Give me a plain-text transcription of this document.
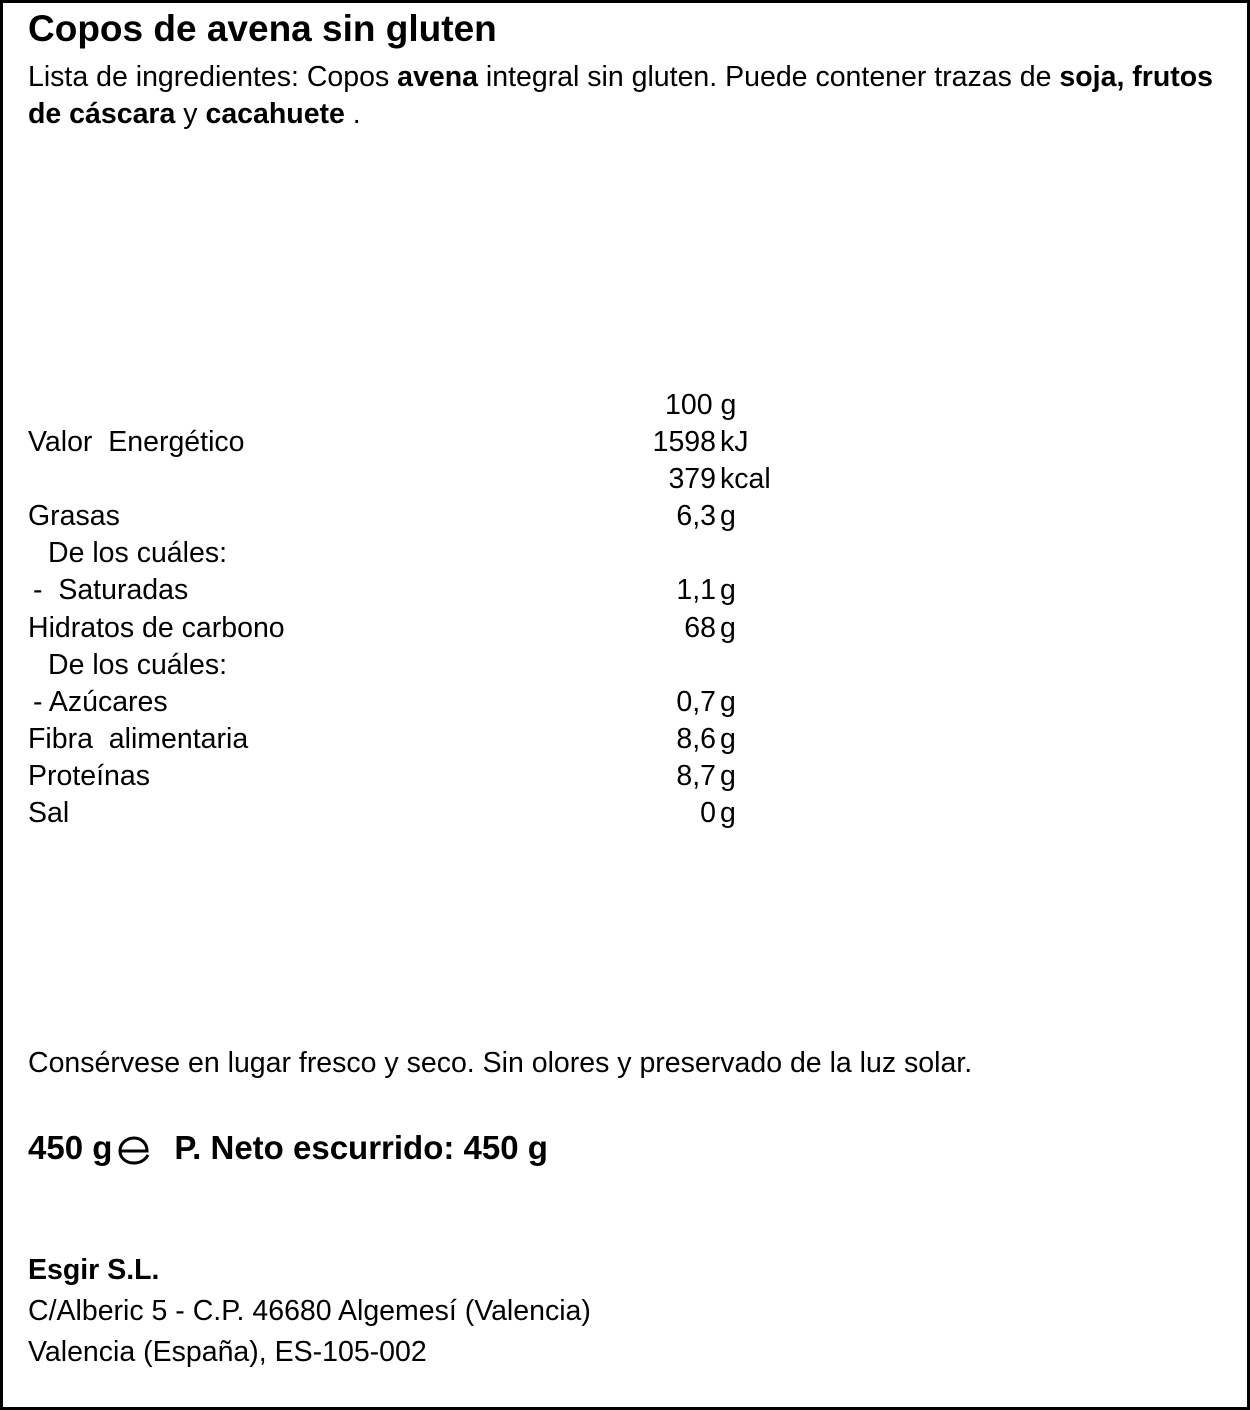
Copos de avena sin gluten

Lista de ingredientes: Copos avena integral sin gluten. Puede contener trazas de soja, frutos de cáscara y cacahuete .

100 g
Valor  Energético	1598 kJ
379 kcal
Grasas	6,3 g
De los cuáles:
-  Saturadas	1,1 g
Hidratos de carbono	68 g
De los cuáles:
- Azúcares	0,7 g
Fibra  alimentaria	8,6 g
Proteínas	8,7 g
Sal	0 g

Consérvese en lugar fresco y seco. Sin olores y preservado de la luz solar.

450 g P. Neto escurrido: 450 g
Esgir S.L.
C/Alberic 5 - C.P. 46680 Algemesí (Valencia)
Valencia (España), ES-105-002
